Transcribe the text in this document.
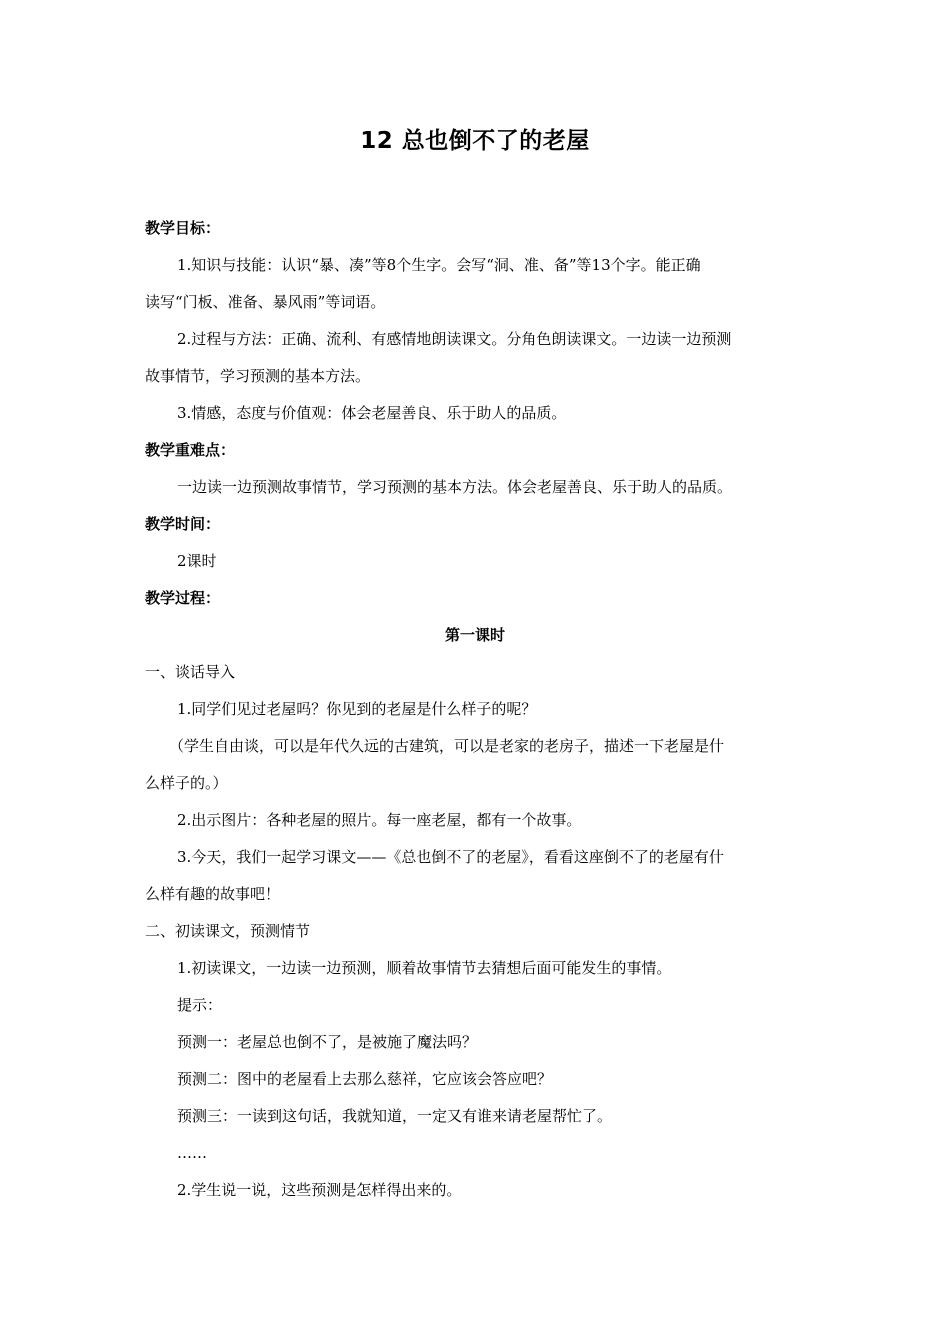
12 总也倒不了的老屋
教学目标：
1.知识与技能：认识“暴、凑”等8个生字。会写“洞、准、备”等13个字。能正确
读写“门板、准备、暴风雨”等词语。
2.过程与方法：正确、流利、有感情地朗读课文。分角色朗读课文。一边读一边预测
故事情节，学习预测的基本方法。
3.情感，态度与价值观：体会老屋善良、乐于助人的品质。
教学重难点：
一边读一边预测故事情节，学习预测的基本方法。体会老屋善良、乐于助人的品质。
教学时间：
2课时
教学过程：
第一课时
一、谈话导入
1.同学们见过老屋吗？你见到的老屋是什么样子的呢？
（学生自由谈，可以是年代久远的古建筑，可以是老家的老房子，描述一下老屋是什
么样子的。）
2.出示图片：各种老屋的照片。每一座老屋，都有一个故事。
3.今天，我们一起学习课文——《总也倒不了的老屋》，看看这座倒不了的老屋有什
么样有趣的故事吧！
二、初读课文，预测情节
1.初读课文，一边读一边预测，顺着故事情节去猜想后面可能发生的事情。
提示：
预测一：老屋总也倒不了，是被施了魔法吗？
预测二：图中的老屋看上去那么慈祥，它应该会答应吧？
预测三：一读到这句话，我就知道，一定又有谁来请老屋帮忙了。
……
2.学生说一说，这些预测是怎样得出来的。
